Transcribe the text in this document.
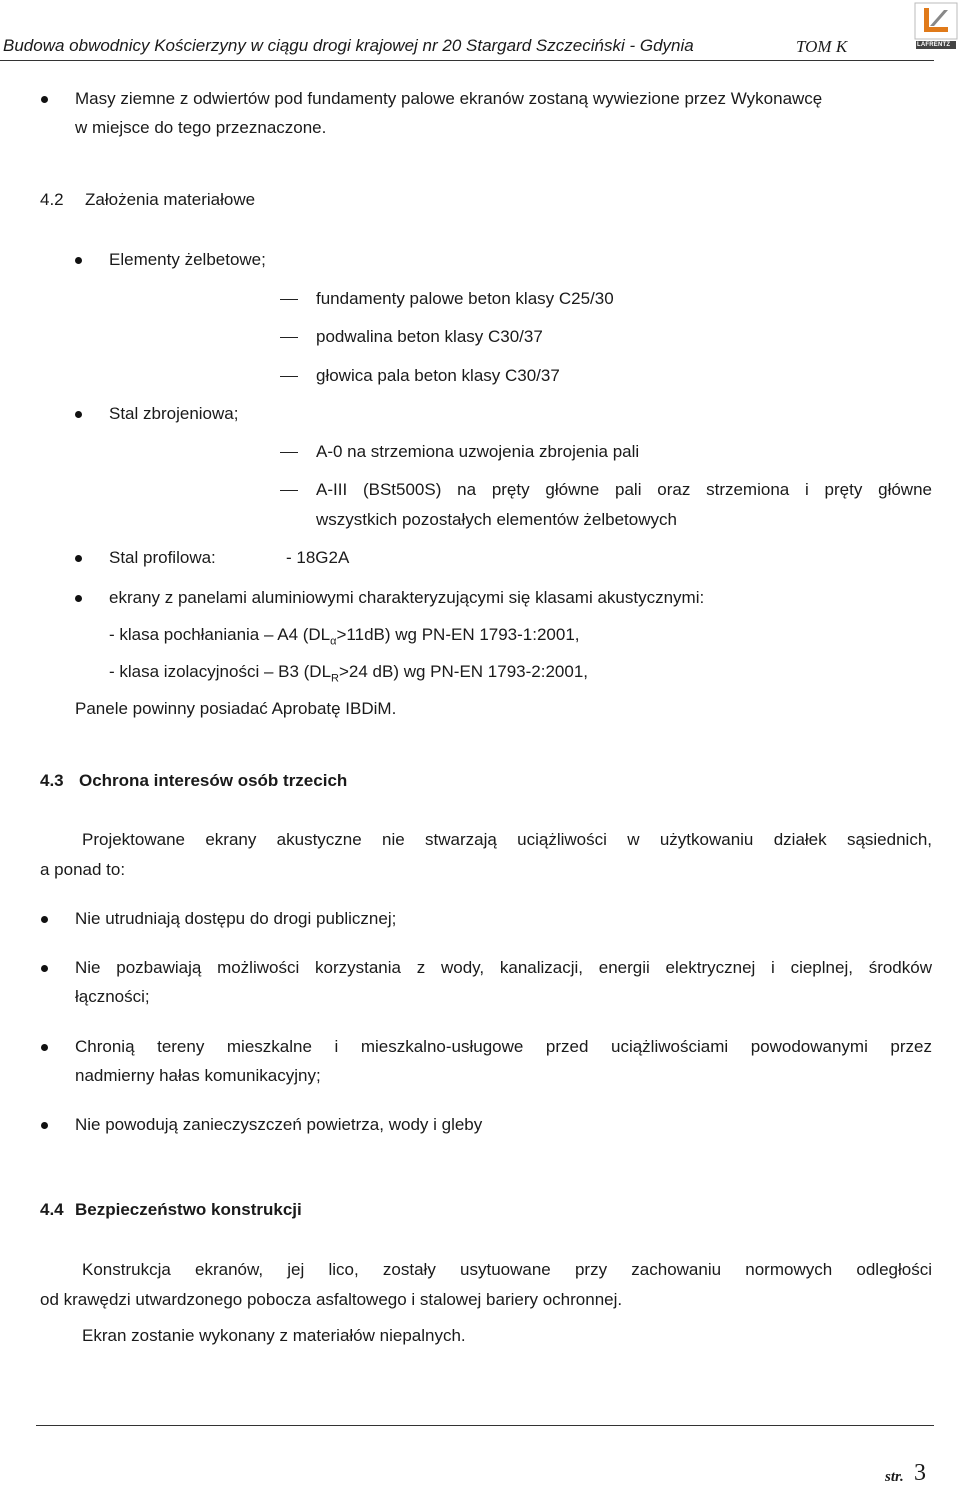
Budowa obwodnicy Kościerzyny w ciągu drogi krajowej nr 20 Stargard Szczeciński - Gdynia	TOM K	LAFRENTZ
Masy ziemne z odwiertów pod fundamenty palowe ekranów zostaną wywiezione przez Wykonawcę
w miejsce do tego przeznaczone.
4.2 Założenia materiałowe
Elementy żelbetowe;
fundamenty palowe beton klasy C25/30
podwalina beton klasy C30/37
głowica pala beton klasy C30/37
Stal zbrojeniowa;
A-0 na strzemiona uzwojenia zbrojenia pali
A-III (BSt500S) na pręty główne pali oraz strzemiona i pręty główne
wszystkich pozostałych elementów żelbetowych
Stal profilowa:	- 18G2A
ekrany z panelami aluminiowymi charakteryzującymi się klasami akustycznymi:
- klasa pochłaniania – A4 $(DL_\alpha>11dB)$ wg PN-EN 1793-1:2001,
- klasa izolacyjności – B3 ($DL_R>24$ dB) wg PN-EN 1793-2:2001,
Panele powinny posiadać Aprobatę IBDiM.
4.3 Ochrona interesów osób trzecich
Projektowane ekrany akustyczne nie stwarzają uciążliwości w użytkowaniu działek sąsiednich,
a ponad to:
Nie utrudniają dostępu do drogi publicznej;
Nie pozbawiają możliwości korzystania z wody, kanalizacji, energii elektrycznej i cieplnej, środków
łączności;
Chronią tereny mieszkalne i mieszkalno-usługowe przed uciążliwościami powodowanymi przez
nadmierny hałas komunikacyjny;
Nie powodują zanieczyszczeń powietrza, wody i gleby
4.4 Bezpieczeństwo konstrukcji
Konstrukcja ekranów, jej lico, zostały usytuowane przy zachowaniu normowych odległości
od krawędzi utwardzonego pobocza asfaltowego i stalowej bariery ochronnej.
Ekran zostanie wykonany z materiałów niepalnych.
str. 3
